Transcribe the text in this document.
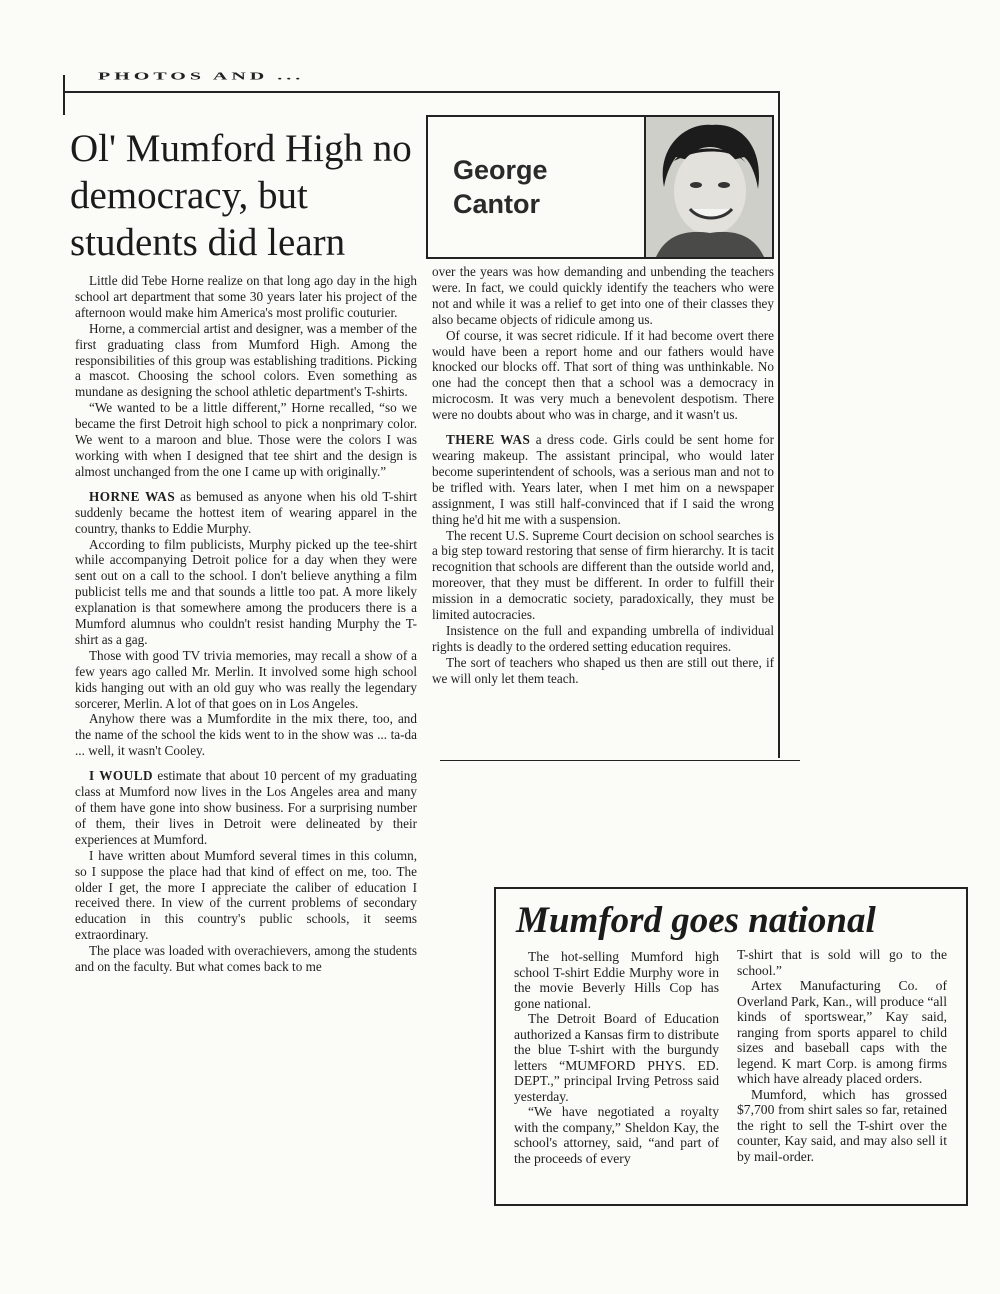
PHOTOS AND ...
Ol' Mumford High no democracy, but students did learn
George Cantor

Little did Tebe Horne realize on that long ago day in the high school art department that some 30 years later his project of the afternoon would make him America's most prolific couturier.

Horne, a commercial artist and designer, was a member of the first graduating class from Mumford High. Among the responsibilities of this group was establishing traditions. Picking a mascot. Choosing the school colors. Even something as mundane as designing the school athletic department's T-shirts.

“We wanted to be a little different,” Horne recalled, “so we became the first Detroit high school to pick a nonprimary color. We went to a maroon and blue. Those were the colors I was working with when I designed that tee shirt and the design is almost unchanged from the one I came up with originally.”

HORNE WAS as bemused as anyone when his old T-shirt suddenly became the hottest item of wearing apparel in the country, thanks to Eddie Murphy.

According to film publicists, Murphy picked up the tee-shirt while accompanying Detroit police for a day when they were sent out on a call to the school. I don't believe anything a film publicist tells me and that sounds a little too pat. A more likely explanation is that somewhere among the producers there is a Mumford alumnus who couldn't resist handing Murphy the T-shirt as a gag.

Those with good TV trivia memories, may recall a show of a few years ago called Mr. Merlin. It involved some high school kids hanging out with an old guy who was really the legendary sorcerer, Merlin. A lot of that goes on in Los Angeles.

Anyhow there was a Mumfordite in the mix there, too, and the name of the school the kids went to in the show was ... ta-da ... well, it wasn't Cooley.

I WOULD estimate that about 10 percent of my graduating class at Mumford now lives in the Los Angeles area and many of them have gone into show business. For a surprising number of them, their lives in Detroit were delineated by their experiences at Mumford.

I have written about Mumford several times in this column, so I suppose the place had that kind of effect on me, too. The older I get, the more I appreciate the caliber of education I received there. In view of the current problems of secondary education in this country's public schools, it seems extraordinary.

The place was loaded with overachievers, among the students and on the faculty. But what comes back to me

over the years was how demanding and unbending the teachers were. In fact, we could quickly identify the teachers who were not and while it was a relief to get into one of their classes they also became objects of ridicule among us.

Of course, it was secret ridicule. If it had become overt there would have been a report home and our fathers would have knocked our blocks off. That sort of thing was unthinkable. No one had the concept then that a school was a democracy in microcosm. It was very much a benevolent despotism. There were no doubts about who was in charge, and it wasn't us.

THERE WAS a dress code. Girls could be sent home for wearing makeup. The assistant principal, who would later become superintendent of schools, was a serious man and not to be trifled with. Years later, when I met him on a newspaper assignment, I was still half-convinced that if I said the wrong thing he'd hit me with a suspension.

The recent U.S. Supreme Court decision on school searches is a big step toward restoring that sense of firm hierarchy. It is tacit recognition that schools are different than the outside world and, moreover, that they must be different. In order to fulfill their mission in a democratic society, paradoxically, they must be limited autocracies.

Insistence on the full and expanding umbrella of individual rights is deadly to the ordered setting education requires.

The sort of teachers who shaped us then are still out there, if we will only let them teach.

Mumford goes national

The hot-selling Mumford high school T-shirt Eddie Murphy wore in the movie Beverly Hills Cop has gone national.

The Detroit Board of Education authorized a Kansas firm to distribute the blue T-shirt with the burgundy letters “MUMFORD PHYS. ED. DEPT.,” principal Irving Petross said yesterday.

“We have negotiated a royalty with the company,” Sheldon Kay, the school's attorney, said, “and part of the proceeds of every

T-shirt that is sold will go to the school.”

Artex Manufacturing Co. of Overland Park, Kan., will produce “all kinds of sportswear,” Kay said, ranging from sports apparel to child sizes and baseball caps with the legend. K mart Corp. is among firms which have already placed orders.

Mumford, which has grossed $7,700 from shirt sales so far, retained the right to sell the T-shirt over the counter, Kay said, and may also sell it by mail-order.
